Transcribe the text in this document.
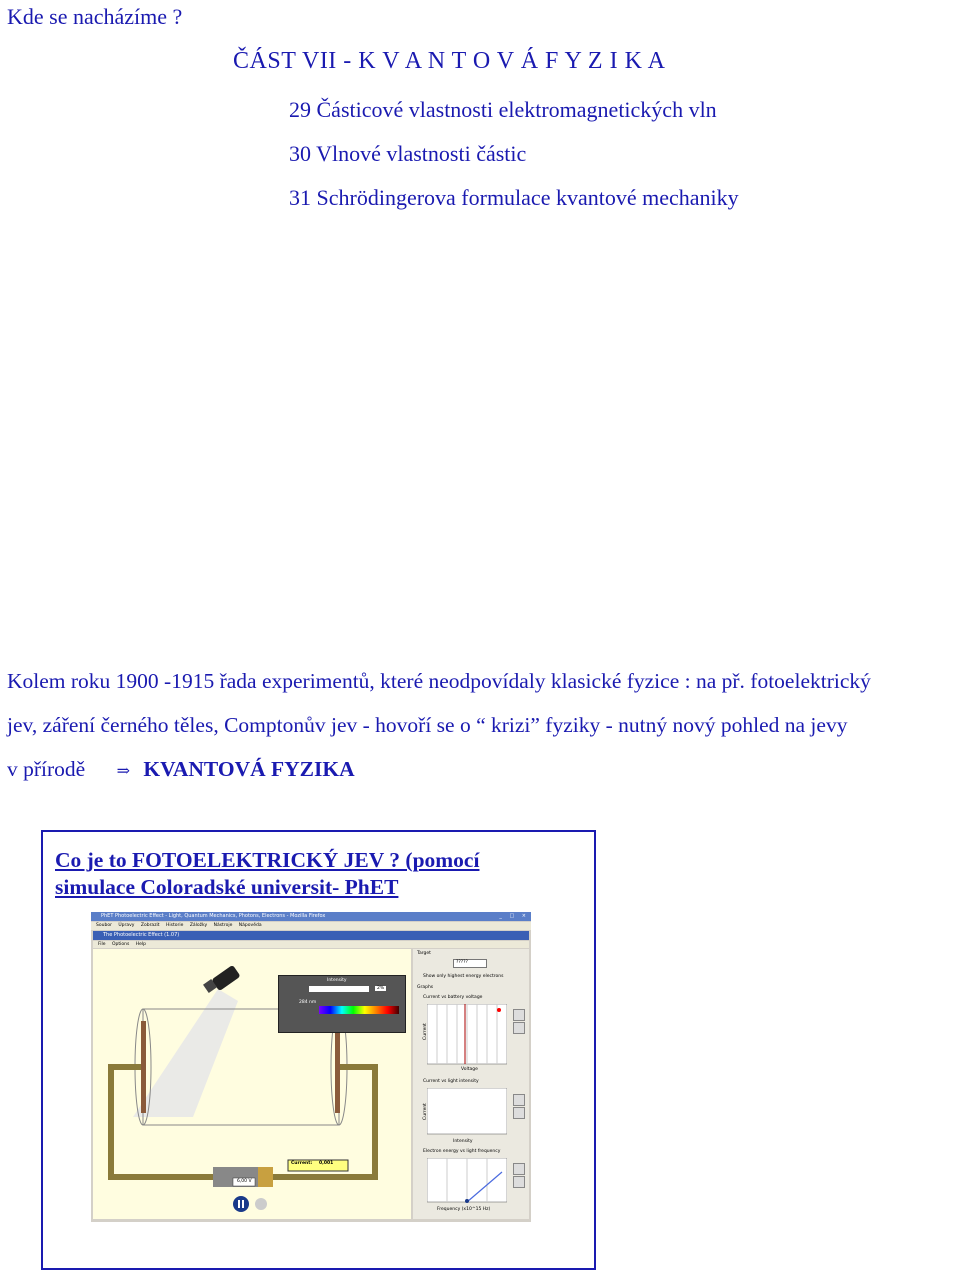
Kde se nacházíme ?
ČÁST VII - K V A N T O V Á F Y Z I K A
29 Částicové vlastnosti elektromagnetických vln
30 Vlnové vlastnosti částic
31 Schrödingerova formulace kvantové mechaniky
Kolem roku 1900 -1915 řada experimentů, které neodpovídaly klasické fyzice : na př. fotoelektrický
jev, záření černého těles, Comptonův jev - hovoří se o “ krizi” fyziky - nutný nový pohled na jevy
v přírodě ⇒ KVANTOVÁ FYZIKA
Co je to FOTOELEKTRICKÝ JEV ? (pomocí
simulace Coloradské universit- PhET
PhET Photoelectric Effect - Light, Quantum Mechanics, Photons, Electrons - Mozilla Firefox	_ □ ×
Soubor Úpravy Zobrazit Historie Záložky Nástroje Nápověda
The Photoelectric Effect (1.07)
File Options Help
Intensity
2%
284 nm
Target
?????
Show only highest energy electrons
Graphs
Current vs battery voltage
Voltage
Current
Current vs light intensity
Intensity
Current
Electron energy vs light frequency
Frequency (x10^15 Hz)
Current: 0,001
6,00 V
